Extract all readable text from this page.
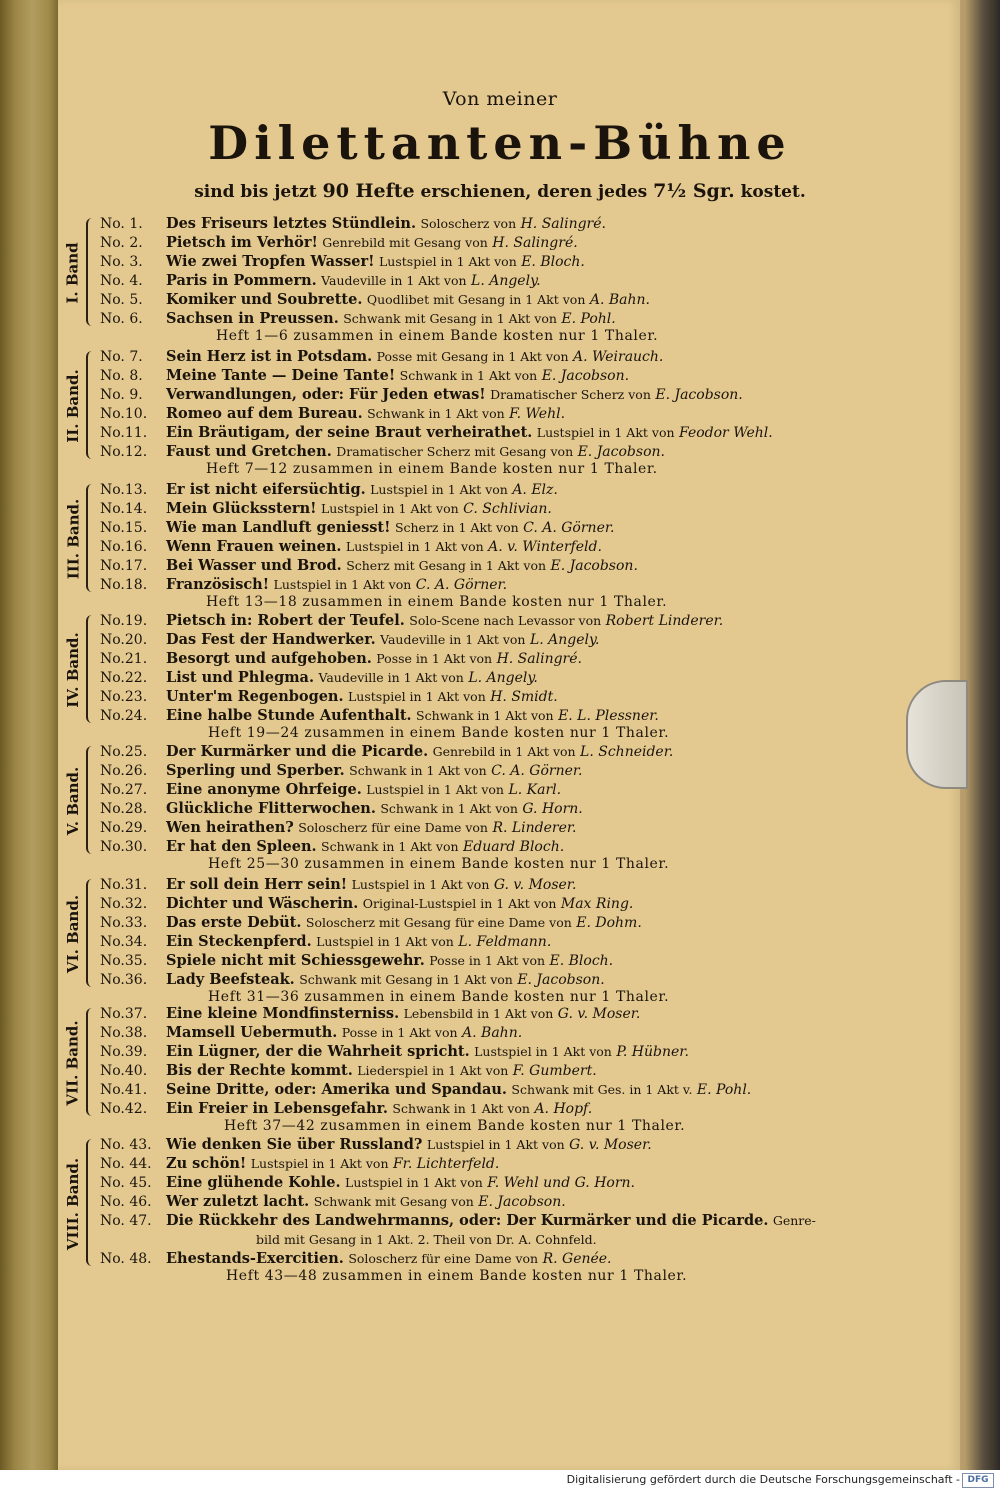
Von meiner
Dilettanten-Bühne
sind bis jetzt 90 Hefte erschienen, deren jedes 7½ Sgr. kostet.
I. Band
No. 1. Des Friseurs letztes Stündlein. Soloscherz von H. Salingré.
No. 2. Pietsch im Verhör! Genrebild mit Gesang von H. Salingré.
No. 3. Wie zwei Tropfen Wasser! Lustspiel in 1 Akt von E. Bloch.
No. 4. Paris in Pommern. Vaudeville in 1 Akt von L. Angely.
No. 5. Komiker und Soubrette. Quodlibet mit Gesang in 1 Akt von A. Bahn.
No. 6. Sachsen in Preussen. Schwank mit Gesang in 1 Akt von E. Pohl.
Heft 1—6 zusammen in einem Bande kosten nur 1 Thaler.
II. Band.
No. 7. Sein Herz ist in Potsdam. Posse mit Gesang in 1 Akt von A. Weirauch.
No. 8. Meine Tante — Deine Tante! Schwank in 1 Akt von E. Jacobson.
No. 9. Verwandlungen, oder: Für Jeden etwas! Dramatischer Scherz von E. Jacobson.
No.10. Romeo auf dem Bureau. Schwank in 1 Akt von F. Wehl.
No.11. Ein Bräutigam, der seine Braut verheirathet. Lustspiel in 1 Akt von Feodor Wehl.
No.12. Faust und Gretchen. Dramatischer Scherz mit Gesang von E. Jacobson.
Heft 7—12 zusammen in einem Bande kosten nur 1 Thaler.
III. Band.
No.13. Er ist nicht eifersüchtig. Lustspiel in 1 Akt von A. Elz.
No.14. Mein Glücksstern! Lustspiel in 1 Akt von C. Schlivian.
No.15. Wie man Landluft geniesst! Scherz in 1 Akt von C. A. Görner.
No.16. Wenn Frauen weinen. Lustspiel in 1 Akt von A. v. Winterfeld.
No.17. Bei Wasser und Brod. Scherz mit Gesang in 1 Akt von E. Jacobson.
No.18. Französisch! Lustspiel in 1 Akt von C. A. Görner.
Heft 13—18 zusammen in einem Bande kosten nur 1 Thaler.
IV. Band.
No.19. Pietsch in: Robert der Teufel. Solo-Scene nach Levassor von Robert Linderer.
No.20. Das Fest der Handwerker. Vaudeville in 1 Akt von L. Angely.
No.21. Besorgt und aufgehoben. Posse in 1 Akt von H. Salingré.
No.22. List und Phlegma. Vaudeville in 1 Akt von L. Angely.
No.23. Unter'm Regenbogen. Lustspiel in 1 Akt von H. Smidt.
No.24. Eine halbe Stunde Aufenthalt. Schwank in 1 Akt von E. L. Plessner.
Heft 19—24 zusammen in einem Bande kosten nur 1 Thaler.
V. Band.
No.25. Der Kurmärker und die Picarde. Genrebild in 1 Akt von L. Schneider.
No.26. Sperling und Sperber. Schwank in 1 Akt von C. A. Görner.
No.27. Eine anonyme Ohrfeige. Lustspiel in 1 Akt von L. Karl.
No.28. Glückliche Flitterwochen. Schwank in 1 Akt von G. Horn.
No.29. Wen heirathen? Soloscherz für eine Dame von R. Linderer.
No.30. Er hat den Spleen. Schwank in 1 Akt von Eduard Bloch.
Heft 25—30 zusammen in einem Bande kosten nur 1 Thaler.
VI. Band.
No.31. Er soll dein Herr sein! Lustspiel in 1 Akt von G. v. Moser.
No.32. Dichter und Wäscherin. Original-Lustspiel in 1 Akt von Max Ring.
No.33. Das erste Debüt. Soloscherz mit Gesang für eine Dame von E. Dohm.
No.34. Ein Steckenpferd. Lustspiel in 1 Akt von L. Feldmann.
No.35. Spiele nicht mit Schiessgewehr. Posse in 1 Akt von E. Bloch.
No.36. Lady Beefsteak. Schwank mit Gesang in 1 Akt von E. Jacobson.
Heft 31—36 zusammen in einem Bande kosten nur 1 Thaler.
VII. Band.
No.37. Eine kleine Mondfinsterniss. Lebensbild in 1 Akt von G. v. Moser.
No.38. Mamsell Uebermuth. Posse in 1 Akt von A. Bahn.
No.39. Ein Lügner, der die Wahrheit spricht. Lustspiel in 1 Akt von P. Hübner.
No.40. Bis der Rechte kommt. Liederspiel in 1 Akt von F. Gumbert.
No.41. Seine Dritte, oder: Amerika und Spandau. Schwank mit Ges. in 1 Akt v. E. Pohl.
No.42. Ein Freier in Lebensgefahr. Schwank in 1 Akt von A. Hopf.
Heft 37—42 zusammen in einem Bande kosten nur 1 Thaler.
VIII. Band.
No. 43. Wie denken Sie über Russland? Lustspiel in 1 Akt von G. v. Moser.
No. 44. Zu schön! Lustspiel in 1 Akt von Fr. Lichterfeld.
No. 45. Eine glühende Kohle. Lustspiel in 1 Akt von F. Wehl und G. Horn.
No. 46. Wer zuletzt lacht. Schwank mit Gesang von E. Jacobson.
No. 47. Die Rückkehr des Landwehrmanns, oder: Der Kurmärker und die Picarde. Genre-
bild mit Gesang in 1 Akt. 2. Theil von Dr. A. Cohnfeld.
No. 48. Ehestands-Exercitien. Soloscherz für eine Dame von R. Genée.
Heft 43—48 zusammen in einem Bande kosten nur 1 Thaler.
Digitalisierung gefördert durch die Deutsche Forschungsgemeinschaft - DFG
